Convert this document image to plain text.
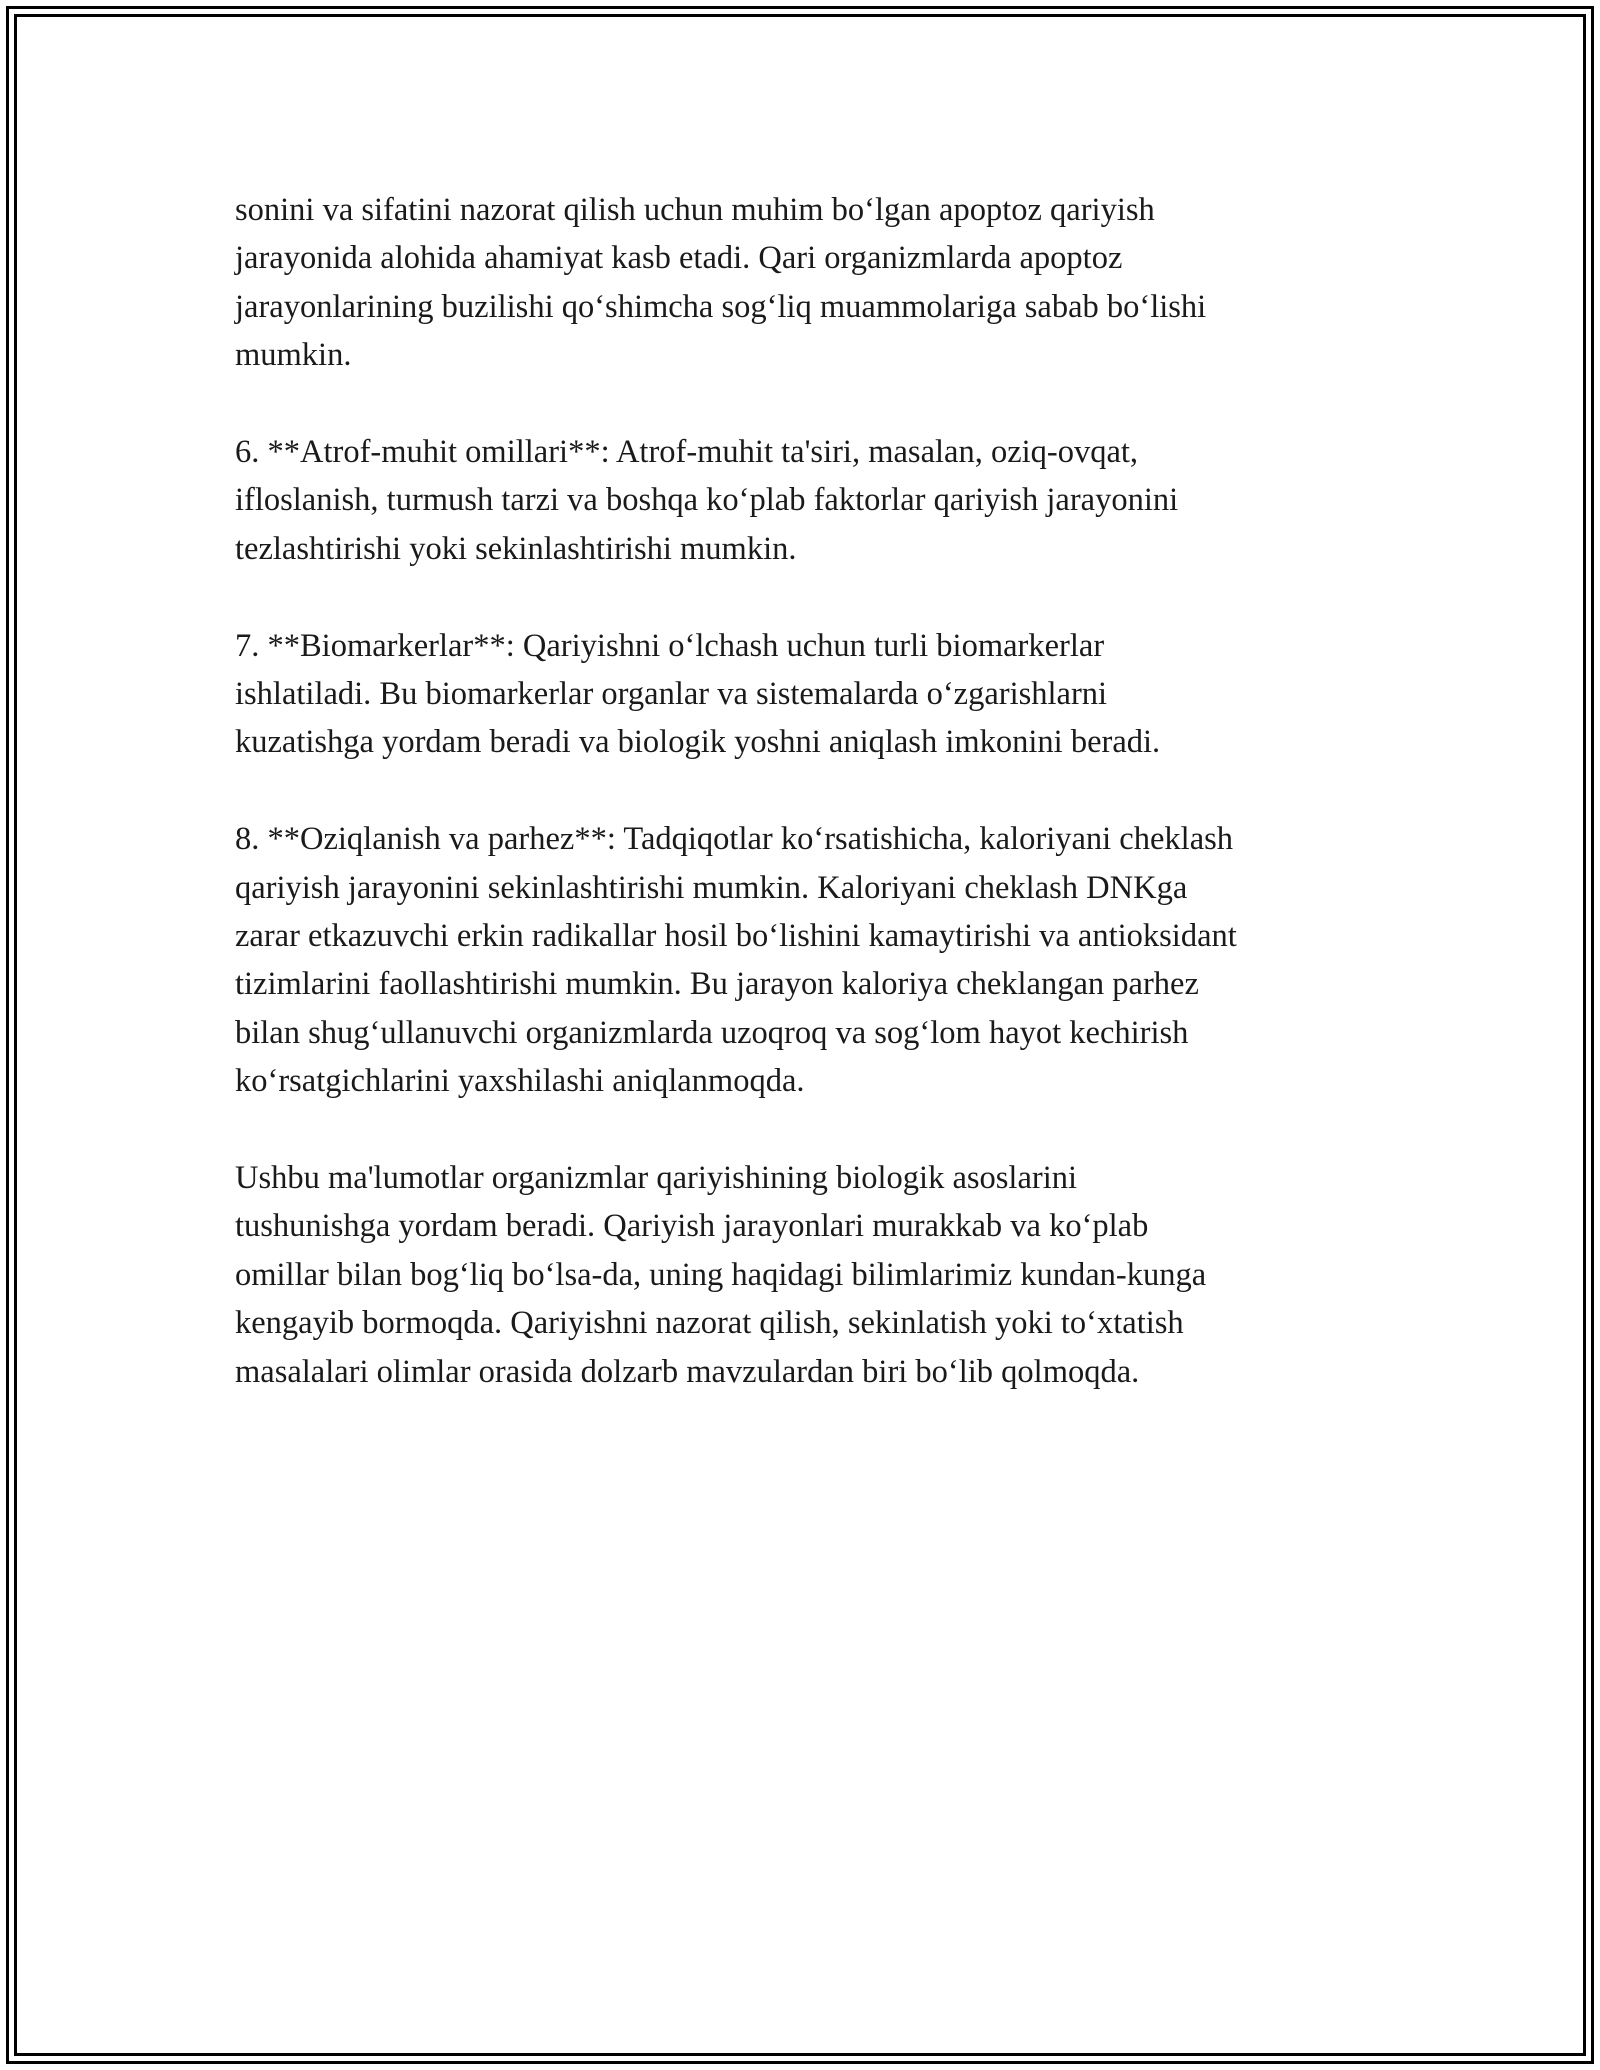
sonini va sifatini nazorat qilish uchun muhim bo‘lgan apoptoz qariyish
jarayonida alohida ahamiyat kasb etadi. Qari organizmlarda apoptoz
jarayonlarining buzilishi qo‘shimcha sog‘liq muammolariga sabab bo‘lishi
mumkin.

6. **Atrof-muhit omillari**: Atrof-muhit ta'siri, masalan, oziq-ovqat,
ifloslanish, turmush tarzi va boshqa ko‘plab faktorlar qariyish jarayonini
tezlashtirishi yoki sekinlashtirishi mumkin.

7. **Biomarkerlar**: Qariyishni o‘lchash uchun turli biomarkerlar
ishlatiladi. Bu biomarkerlar organlar va sistemalarda o‘zgarishlarni
kuzatishga yordam beradi va biologik yoshni aniqlash imkonini beradi.

8. **Oziqlanish va parhez**: Tadqiqotlar ko‘rsatishicha, kaloriyani cheklash
qariyish jarayonini sekinlashtirishi mumkin. Kaloriyani cheklash DNKga
zarar etkazuvchi erkin radikallar hosil bo‘lishini kamaytirishi va antioksidant
tizimlarini faollashtirishi mumkin. Bu jarayon kaloriya cheklangan parhez
bilan shug‘ullanuvchi organizmlarda uzoqroq va sog‘lom hayot kechirish
ko‘rsatgichlarini yaxshilashi aniqlanmoqda.

Ushbu ma'lumotlar organizmlar qariyishining biologik asoslarini
tushunishga yordam beradi. Qariyish jarayonlari murakkab va ko‘plab
omillar bilan bog‘liq bo‘lsa-da, uning haqidagi bilimlarimiz kundan-kunga
kengayib bormoqda. Qariyishni nazorat qilish, sekinlatish yoki to‘xtatish
masalalari olimlar orasida dolzarb mavzulardan biri bo‘lib qolmoqda.
